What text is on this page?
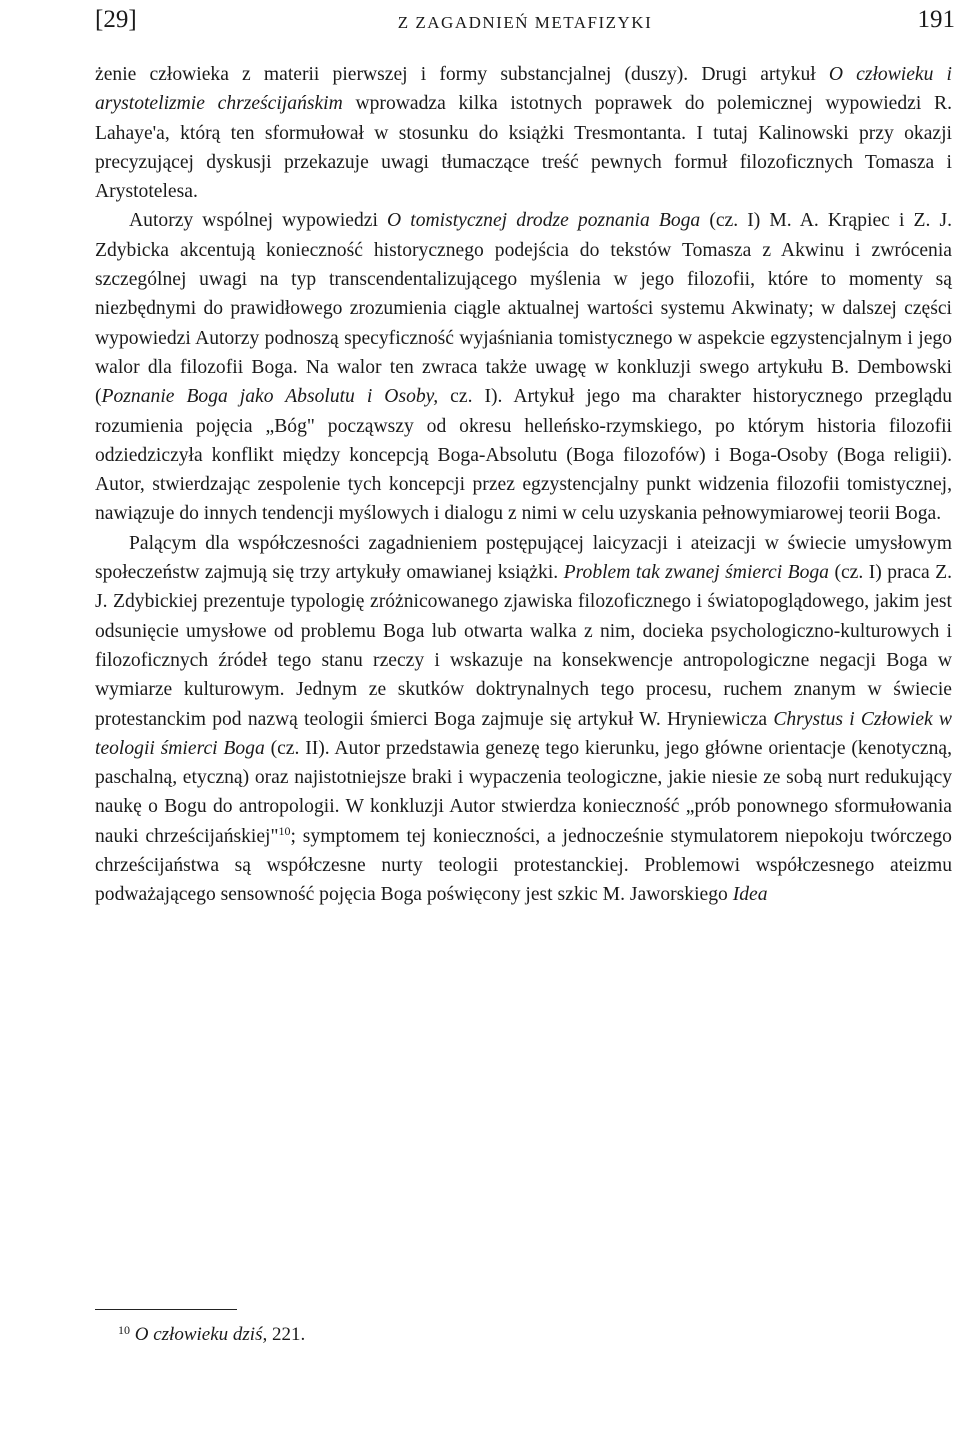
[29]	Z ZAGADNIEŃ METAFIZYKI	191

żenie człowieka z materii pierwszej i formy substancjalnej (duszy). Drugi artykuł O człowieku i arystotelizmie chrześcijańskim wprowadza kilka istotnych poprawek do polemicznej wypowiedzi R. Lahaye'a, którą ten sformułował w stosunku do książki Tresmontanta. I tutaj Kalinowski przy okazji precyzującej dyskusji przekazuje uwagi tłumaczące treść pewnych formuł filozoficznych Tomasza i Arystotelesa.

Autorzy wspólnej wypowiedzi O tomistycznej drodze poznania Boga (cz. I) M. A. Krąpiec i Z. J. Zdybicka akcentują konieczność historycznego podejścia do tekstów Tomasza z Akwinu i zwrócenia szczególnej uwagi na typ transcendentalizującego myślenia w jego filozofii, które to momenty są niezbędnymi do prawidłowego zrozumienia ciągle aktualnej wartości systemu Akwinaty; w dalszej części wypowiedzi Autorzy podnoszą specyficzność wyjaśniania tomistycznego w aspekcie egzystencjalnym i jego walor dla filozofii Boga. Na walor ten zwraca także uwagę w konkluzji swego artykułu B. Dembowski (Poznanie Boga jako Absolutu i Osoby, cz. I). Artykuł jego ma charakter historycznego przeglądu rozumienia pojęcia „Bóg" począwszy od okresu helleńsko-rzymskiego, po którym historia filozofii odziedziczyła konflikt między koncepcją Boga-Absolutu (Boga filozofów) i Boga-Osoby (Boga religii). Autor, stwierdzając zespolenie tych koncepcji przez egzystencjalny punkt widzenia filozofii tomistycznej, nawiązuje do innych tendencji myślowych i dialogu z nimi w celu uzyskania pełnowymiarowej teorii Boga.

Palącym dla współczesności zagadnieniem postępującej laicyzacji i ateizacji w świecie umysłowym społeczeństw zajmują się trzy artykuły omawianej książki. Problem tak zwanej śmierci Boga (cz. I) praca Z. J. Zdybickiej prezentuje typologię zróżnicowanego zjawiska filozoficznego i światopoglądowego, jakim jest odsunięcie umysłowe od problemu Boga lub otwarta walka z nim, docieka psychologiczno-kulturowych i filozoficznych źródeł tego stanu rzeczy i wskazuje na konsekwencje antropologiczne negacji Boga w wymiarze kulturowym. Jednym ze skutków doktrynalnych tego procesu, ruchem znanym w świecie protestanckim pod nazwą teologii śmierci Boga zajmuje się artykuł W. Hryniewicza Chrystus i Człowiek w teologii śmierci Boga (cz. II). Autor przedstawia genezę tego kierunku, jego główne orientacje (kenotyczną, paschalną, etyczną) oraz najistotniejsze braki i wypaczenia teologiczne, jakie niesie ze sobą nurt redukujący naukę o Bogu do antropologii. W konkluzji Autor stwierdza konieczność „prób ponownego sformułowania nauki chrześcijańskiej"$^{10}$; symptomem tej konieczności, a jednocześnie stymulatorem niepokoju twórczego chrześcijaństwa są współczesne nurty teologii protestanckiej. Problemowi współczesnego ateizmu podważającego sensowność pojęcia Boga poświęcony jest szkic M. Jaworskiego Idea

$^{10}$ O człowieku dziś, 221.
